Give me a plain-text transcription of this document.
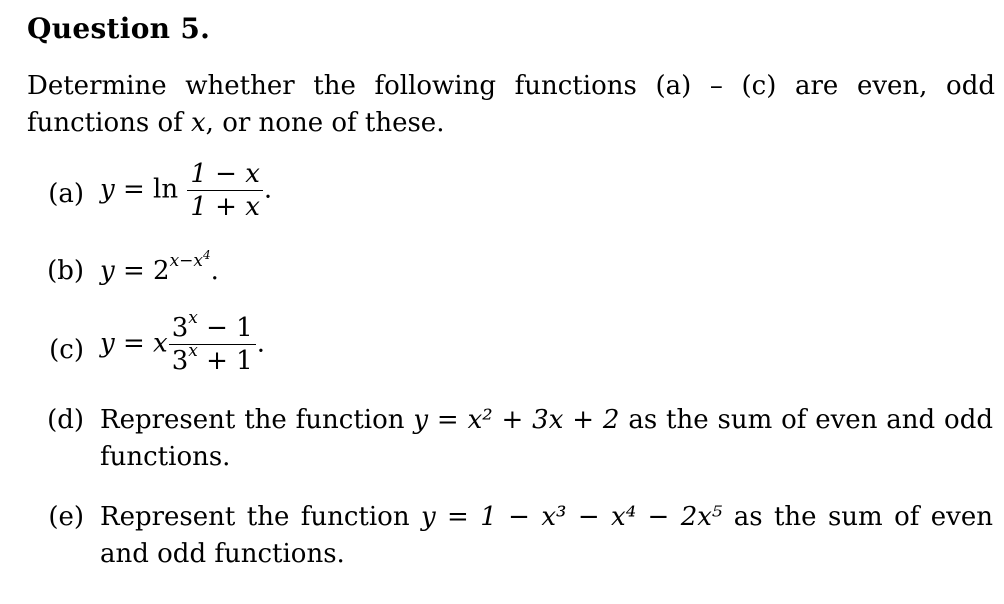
Question 5.
Determine whether the following functions (a) – (c) are even, odd functions of x, or none of these.
(a) $y = \ln \frac{1 - x}{1 + x}$ .
(b) $y = 2^{x-x^4}$.
(c) y = x $\frac{3^x - 1}{3^x + 1}$ .
(d) Represent the function y = x² + 3x + 2 as the sum of even and odd functions.
(e) Represent the function y = 1 − x³ − x⁴ − 2x⁵ as the sum of even and odd functions.
